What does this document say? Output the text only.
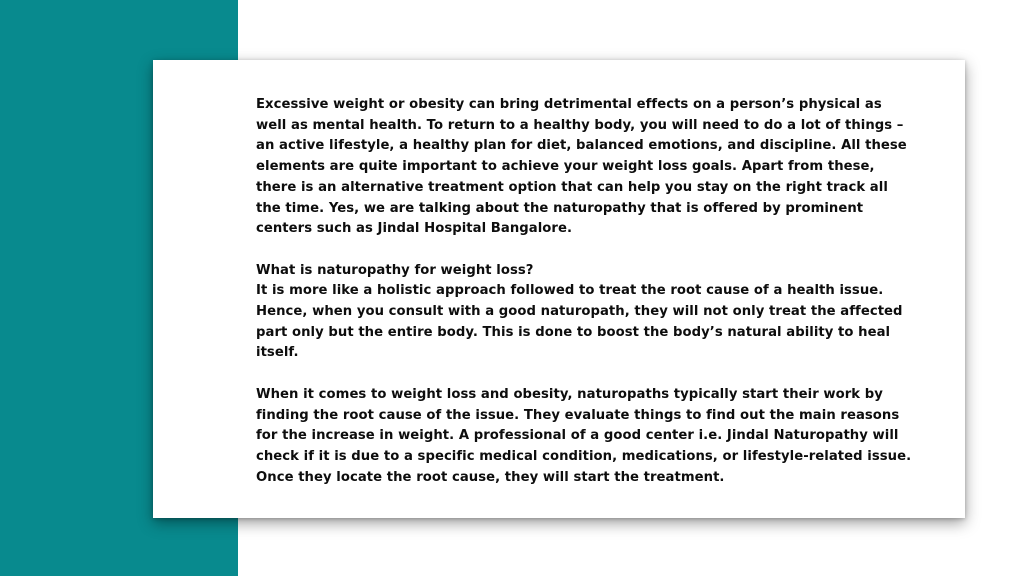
Excessive weight or obesity can bring detrimental effects on a person’s physical as well as mental health. To return to a healthy body, you will need to do a lot of things – an active lifestyle, a healthy plan for diet, balanced emotions, and discipline. All these elements are quite important to achieve your weight loss goals. Apart from these, there is an alternative treatment option that can help you stay on the right track all the time. Yes, we are talking about the naturopathy that is offered by prominent centers such as Jindal Hospital Bangalore.

What is naturopathy for weight loss?

It is more like a holistic approach followed to treat the root cause of a health issue. Hence, when you consult with a good naturopath, they will not only treat the affected part only but the entire body. This is done to boost the body’s natural ability to heal itself.

When it comes to weight loss and obesity, naturopaths typically start their work by finding the root cause of the issue. They evaluate things to find out the main reasons for the increase in weight. A professional of a good center i.e. Jindal Naturopathy will check if it is due to a specific medical condition, medications, or lifestyle-related issue. Once they locate the root cause, they will start the treatment.
